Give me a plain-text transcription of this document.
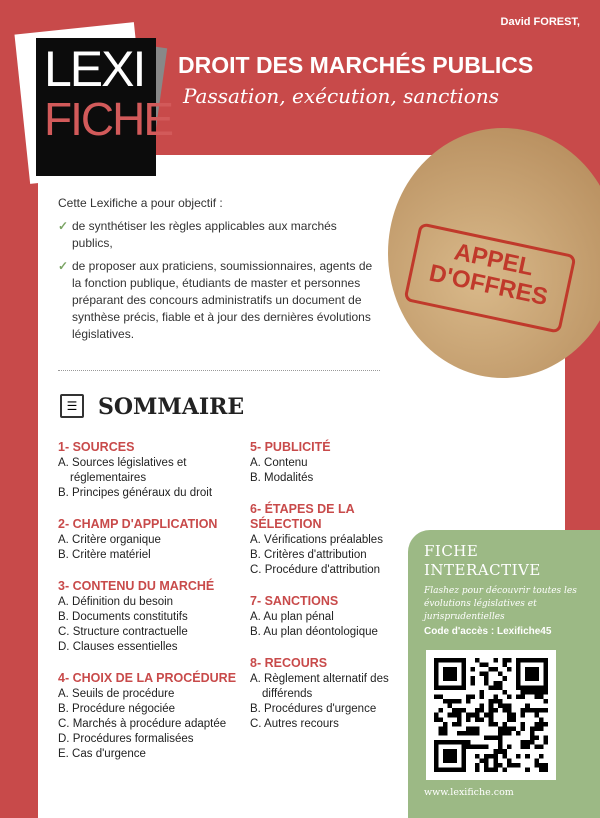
David FOREST,
LEXI
FICHE
DROIT DES MARCHÉS PUBLICS
Passation, exécution, sanctions
APPEL D'OFFRES
Cette Lexifiche a pour objectif :
✓ de synthétiser les règles applicables aux marchés publics,
✓ de proposer aux praticiens, soumissionnaires, agents de la fonction publique, étudiants de master et personnes préparant des concours administratifs un document de synthèse précis, fiable et à jour des dernières évolutions législatives.
☰ SOMMAIRE
1- SOURCES
A. Sources législatives et réglementaires
B. Principes généraux du droit
2- CHAMP D'APPLICATION
A. Critère organique
B. Critère matériel
3- CONTENU DU MARCHÉ
A. Définition du besoin
B. Documents constitutifs
C. Structure contractuelle
D. Clauses essentielles
4- CHOIX DE LA PROCÉDURE
A. Seuils de procédure
B. Procédure négociée
C. Marchés à procédure adaptée
D. Procédures formalisées
E. Cas d'urgence
5- PUBLICITÉ
A. Contenu
B. Modalités
6- ÉTAPES DE LA SÉLECTION
A. Vérifications préalables
B. Critères d'attribution
C. Procédure d'attribution
7- SANCTIONS
A. Au plan pénal
B. Au plan déontologique
8- RECOURS
A. Règlement alternatif des différends
B. Procédures d'urgence
C. Autres recours
FICHE
INTERACTIVE
Flashez pour découvrir toutes les évolutions législatives et jurisprudentielles
Code d'accès : Lexifiche45
www.lexifiche.com
